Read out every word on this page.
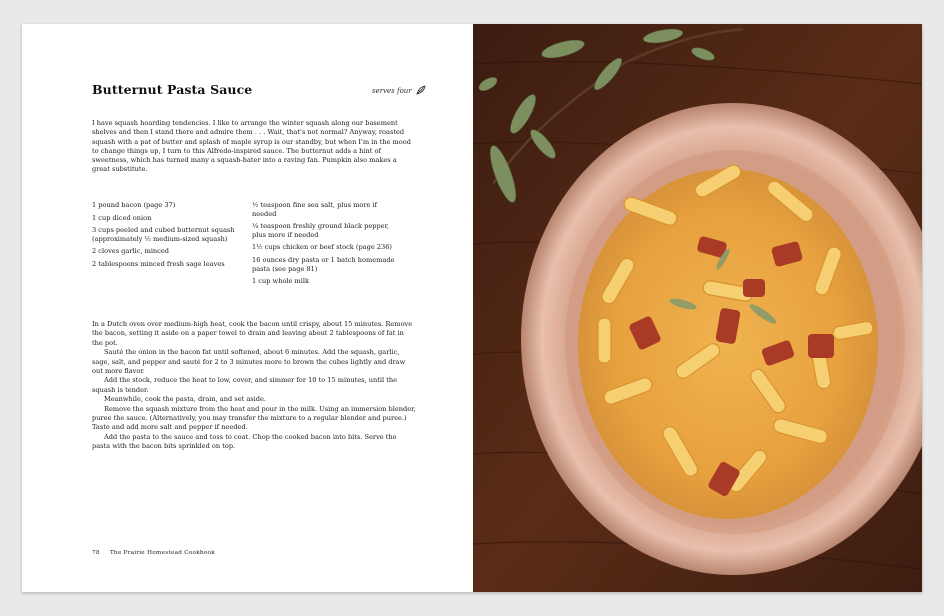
Butternut Pasta Sauce	serves four

I have squash hoarding tendencies. I like to arrange the winter squash along our basement shelves and then I stand there and admire them . . . Wait, that's not normal? Anyway, roasted squash with a pat of butter and splash of maple syrup is our standby, but when I'm in the mood to change things up, I turn to this Alfredo-inspired sauce. The butternut adds a hint of sweetness, which has turned many a squash-hater into a raving fan. Pumpkin also makes a great substitute.

1 pound bacon (page 37)
1 cup diced onion
3 cups peeled and cubed butternut squash (approximately ½ medium-sized squash)
2 cloves garlic, minced
2 tablespoons minced fresh sage leaves
½ teaspoon fine sea salt, plus more if needed
¼ teaspoon freshly ground black pepper, plus more if needed
1½ cups chicken or beef stock (page 236)
16 ounces dry pasta or 1 batch homemade pasta (see page 81)
1 cup whole milk

In a Dutch oven over medium-high heat, cook the bacon until crispy, about 15 minutes. Remove the bacon, setting it aside on a paper towel to drain and leaving about 2 tablespoons of fat in the pot.

Sauté the onion in the bacon fat until softened, about 6 minutes. Add the squash, garlic, sage, salt, and pepper and sauté for 2 to 3 minutes more to brown the cubes lightly and draw out more flavor.

Add the stock, reduce the heat to low, cover, and simmer for 10 to 15 minutes, until the squash is tender.

Meanwhile, cook the pasta, drain, and set aside.

Remove the squash mixture from the heat and pour in the milk. Using an immersion blender, puree the sauce. (Alternatively, you may transfer the mixture to a regular blender and puree.) Taste and add more salt and pepper if needed.

Add the pasta to the sauce and toss to coat. Chop the cooked bacon into bits. Serve the pasta with the bacon bits sprinkled on top.

78 The Prairie Homestead Cookbook
